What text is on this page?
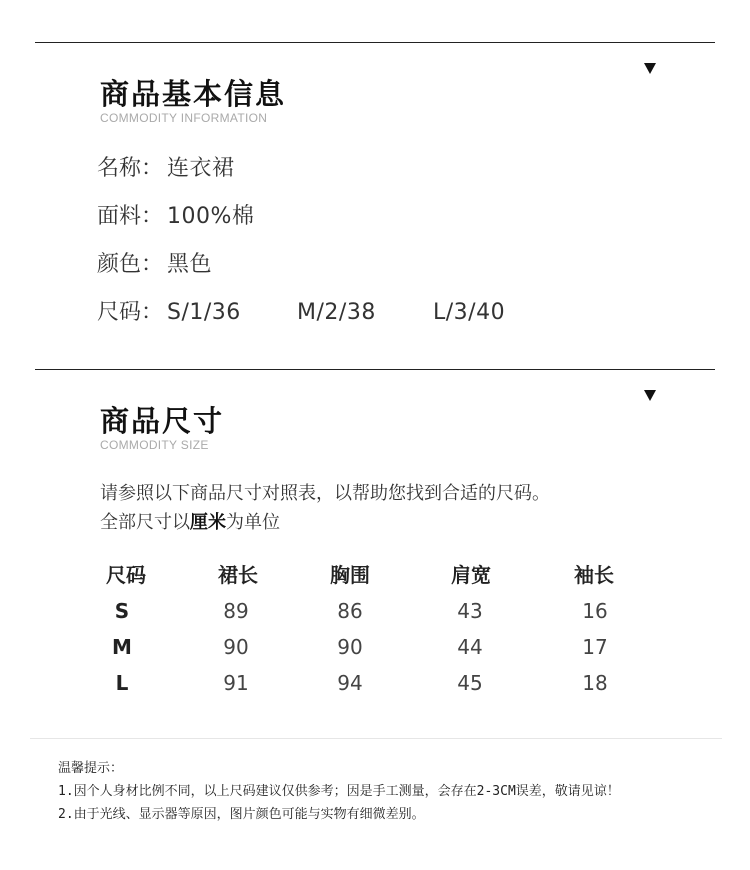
商品基本信息
COMMODITY INFORMATION
名称： 连衣裙
面料： 100%棉
颜色： 黑色
尺码： S/1/36	M/2/38	L/3/40
商品尺寸
COMMODITY SIZE
请参照以下商品尺寸对照表，以帮助您找到合适的尺码。
全部尺寸以厘米为单位
尺码	裙长	胸围	肩宽	袖长
S	89	86	43	16
M	90	90	44	17
L	91	94	45	18
温馨提示：
1.因个人身材比例不同，以上尺码建议仅供参考；因是手工测量，会存在2-3CM误差，敬请见谅！
2.由于光线、显示器等原因，图片颜色可能与实物有细微差别。
